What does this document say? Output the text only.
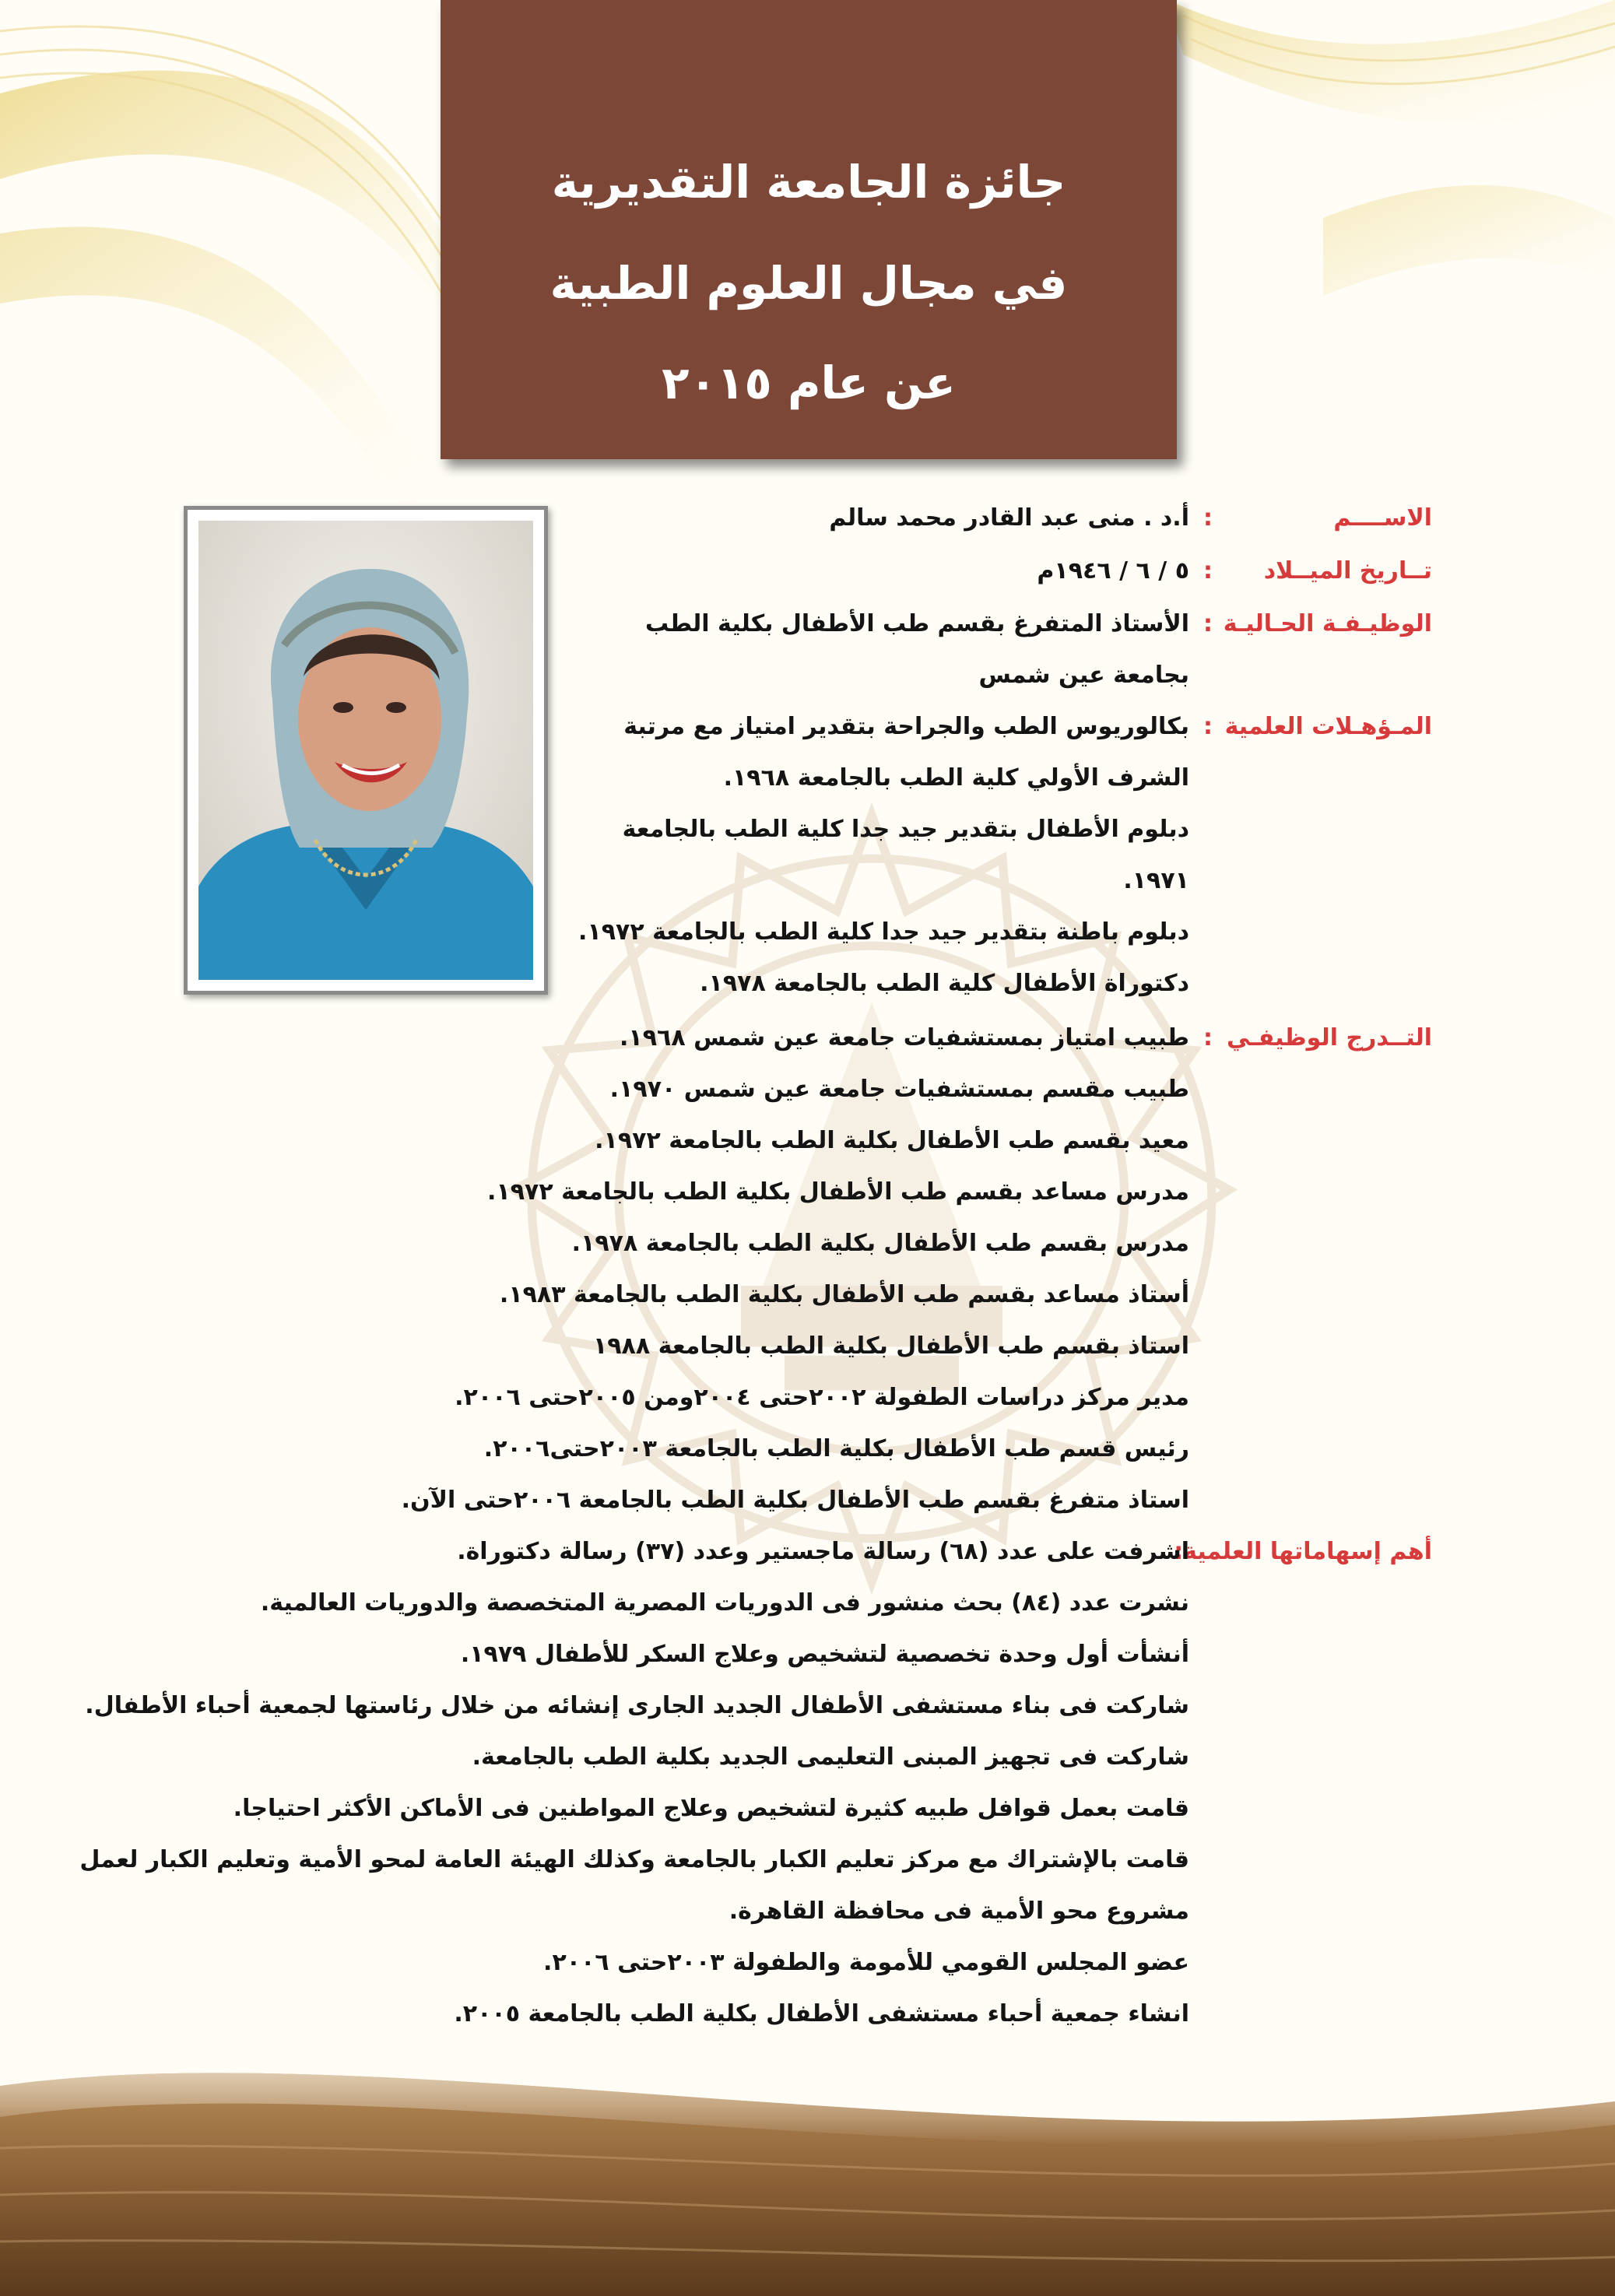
جائزة الجامعة التقديرية
في مجال العلوم الطبية
عن عام ٢٠١٥
الاســــم
:
أ.د . منى عبد القادر محمد سالم
تــاريخ الميــلاد
:
٥ / ٦ / ١٩٤٦م
الوظيـفـة الحـاليـة
:
الأستاذ المتفرغ بقسم طب الأطفال بكلية الطب
بجامعة عين شمس
المـؤهـلات العلمية
:
بكالوريوس الطب والجراحة بتقدير امتياز مع مرتبة
الشرف الأولي كلية الطب بالجامعة ١٩٦٨.
دبلوم الأطفال بتقدير جيد جدا كلية الطب بالجامعة
١٩٧١.
دبلوم باطنة بتقدير جيد جدا كلية الطب بالجامعة ١٩٧٢.
دكتوراة الأطفال كلية الطب بالجامعة ١٩٧٨.
التــدرج الوظيفـي
:
طبيب امتياز بمستشفيات جامعة عين شمس ١٩٦٨.
طبيب مقسم بمستشفيات جامعة عين شمس ١٩٧٠.
معيد بقسم طب الأطفال بكلية الطب بالجامعة ١٩٧٢.
مدرس مساعد بقسم طب الأطفال بكلية الطب بالجامعة ١٩٧٢.
مدرس بقسم طب الأطفال بكلية الطب بالجامعة ١٩٧٨.
أستاذ مساعد بقسم طب الأطفال بكلية الطب بالجامعة ١٩٨٣.
استاذ بقسم طب الأطفال بكلية الطب بالجامعة ١٩٨٨
مدير مركز دراسات الطفولة ٢٠٠٢حتى ٢٠٠٤ومن ٢٠٠٥حتى ٢٠٠٦.
رئيس قسم طب الأطفال بكلية الطب بالجامعة ٢٠٠٣حتى٢٠٠٦.
استاذ متفرغ بقسم طب الأطفال بكلية الطب بالجامعة ٢٠٠٦حتى الآن.
أهم إسهاماتها العلمية:
اشرفت على عدد (٦٨) رسالة ماجستير وعدد (٣٧) رسالة دكتوراة.
نشرت عدد (٨٤) بحث منشور فى الدوريات المصرية المتخصصة والدوريات العالمية.
أنشأت أول وحدة تخصصية لتشخيص وعلاج السكر للأطفال ١٩٧٩.
شاركت فى بناء مستشفى الأطفال الجديد الجارى إنشائه من خلال رئاستها لجمعية أحباء الأطفال.
شاركت فى تجهيز المبنى التعليمى الجديد بكلية الطب بالجامعة.
قامت بعمل قوافل طبيه كثيرة لتشخيص وعلاج المواطنين فى الأماكن الأكثر احتياجا.
قامت بالإشتراك مع مركز تعليم الكبار بالجامعة وكذلك الهيئة العامة لمحو الأمية وتعليم الكبار لعمل
مشروع محو الأمية فى محافظة القاهرة.
عضو المجلس القومي للأمومة والطفولة ٢٠٠٣حتى ٢٠٠٦.
انشاء جمعية أحباء مستشفى الأطفال بكلية الطب بالجامعة ٢٠٠٥.
